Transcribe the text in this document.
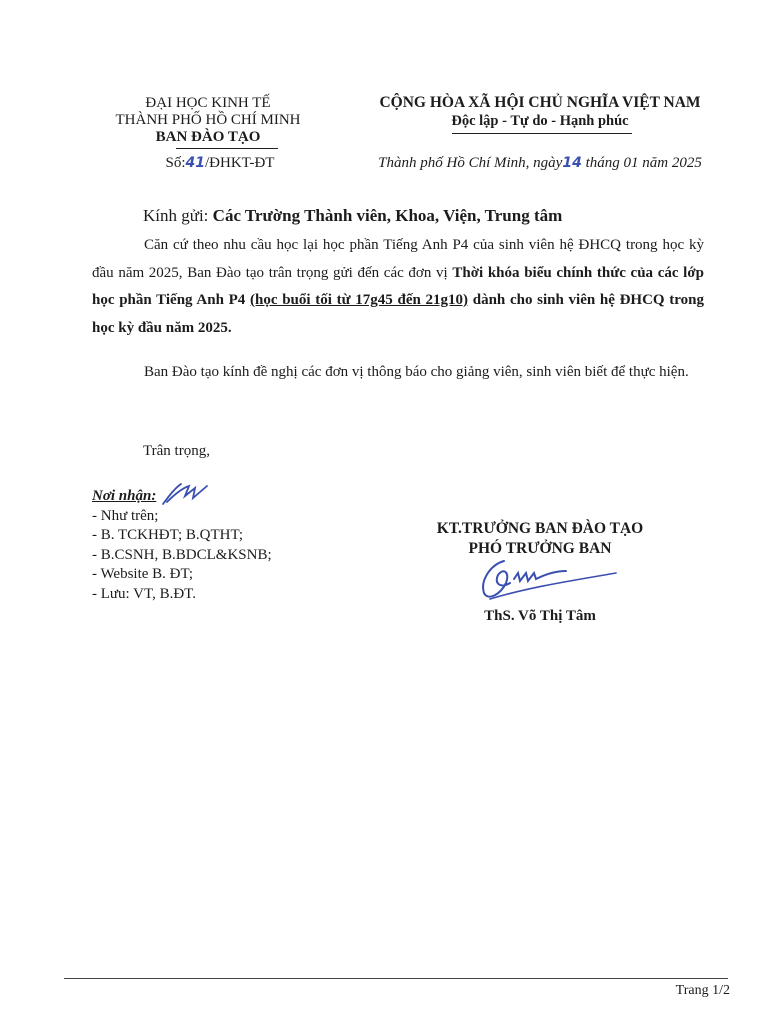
ĐẠI HỌC KINH TẾ
THÀNH PHỐ HỒ CHÍ MINH
BAN ĐÀO TẠO
Số:41/ĐHKT-ĐT
CỘNG HÒA XÃ HỘI CHỦ NGHĨA VIỆT NAM
Độc lập - Tự do - Hạnh phúc
Thành phố Hồ Chí Minh, ngày14 tháng 01 năm 2025
Kính gửi: Các Trường Thành viên, Khoa, Viện, Trung tâm
Căn cứ theo nhu cầu học lại học phần Tiếng Anh P4 của sinh viên hệ ĐHCQ trong học kỳ đầu năm 2025, Ban Đào tạo trân trọng gửi đến các đơn vị Thời khóa biểu chính thức của các lớp học phần Tiếng Anh P4 (học buổi tối từ 17g45 đến 21g10) dành cho sinh viên hệ ĐHCQ trong học kỳ đầu năm 2025.
Ban Đào tạo kính đề nghị các đơn vị thông báo cho giảng viên, sinh viên biết để thực hiện.
Trân trọng,
Nơi nhận:
- Như trên;
- B. TCKHĐT; B.QTHT;
- B.CSNH, B.BDCL&KSNB;
- Website B. ĐT;
- Lưu: VT, B.ĐT.
KT.TRƯỞNG BAN ĐÀO TẠO
PHÓ TRƯỞNG BAN
ThS. Võ Thị Tâm
Trang 1/2
